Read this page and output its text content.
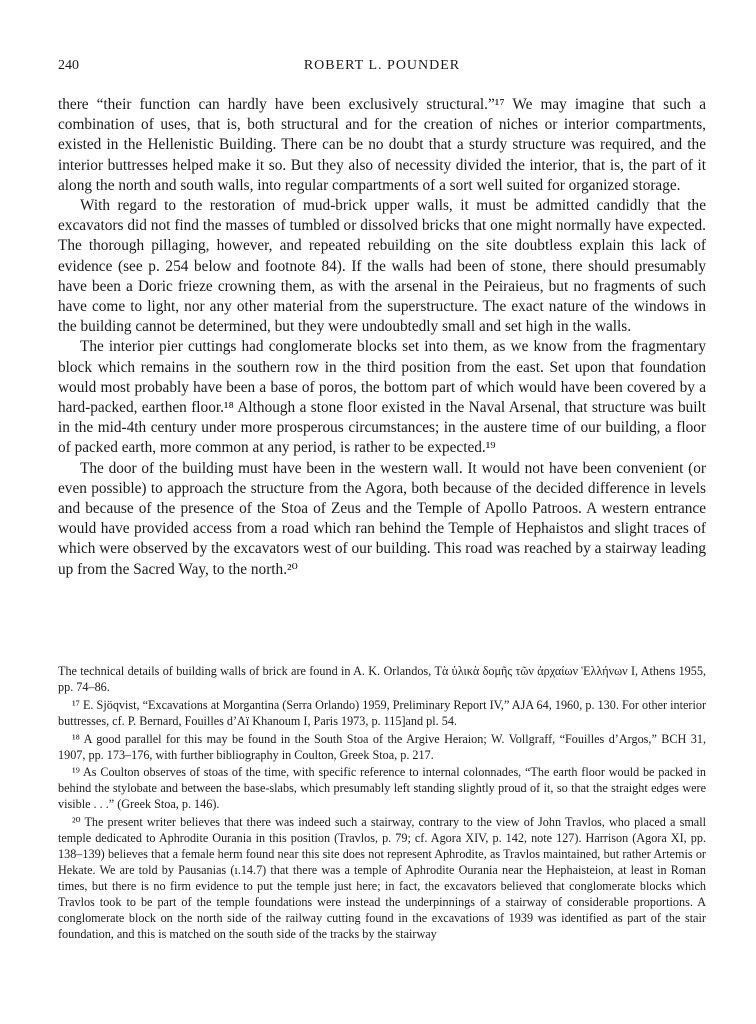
240	ROBERT L. POUNDER

there “their function can hardly have been exclusively structural.”¹⁷ We may imagine that such a combination of uses, that is, both structural and for the creation of niches or interior compartments, existed in the Hellenistic Building. There can be no doubt that a sturdy structure was required, and the interior buttresses helped make it so. But they also of necessity divided the interior, that is, the part of it along the north and south walls, into regular compartments of a sort well suited for organized storage.

With regard to the restoration of mud-brick upper walls, it must be admitted candidly that the excavators did not find the masses of tumbled or dissolved bricks that one might normally have expected. The thorough pillaging, however, and repeated rebuilding on the site doubtless explain this lack of evidence (see p. 254 below and footnote 84). If the walls had been of stone, there should presumably have been a Doric frieze crowning them, as with the arsenal in the Peiraieus, but no fragments of such have come to light, nor any other material from the superstructure. The exact nature of the windows in the building cannot be determined, but they were undoubtedly small and set high in the walls.

The interior pier cuttings had conglomerate blocks set into them, as we know from the fragmentary block which remains in the southern row in the third position from the east. Set upon that foundation would most probably have been a base of poros, the bottom part of which would have been covered by a hard-packed, earthen floor.¹⁸ Although a stone floor existed in the Naval Arsenal, that structure was built in the mid-4th century under more prosperous circumstances; in the austere time of our building, a floor of packed earth, more common at any period, is rather to be expected.¹⁹

The door of the building must have been in the western wall. It would not have been convenient (or even possible) to approach the structure from the Agora, both because of the decided difference in levels and because of the presence of the Stoa of Zeus and the Temple of Apollo Patroos. A western entrance would have provided access from a road which ran behind the Temple of Hephaistos and slight traces of which were observed by the excavators west of our building. This road was reached by a stairway leading up from the Sacred Way, to the north.²⁰

The technical details of building walls of brick are found in A. K. Orlandos, Τὰ ὑλικὰ δομῆς τῶν ἀρχαίων Ἑλλήνων I, Athens 1955, pp. 74–86.

¹⁷ E. Sjöqvist, “Excavations at Morgantina (Serra Orlando) 1959, Preliminary Report IV,” AJA 64, 1960, p. 130. For other interior buttresses, cf. P. Bernard, Fouilles d’Aï Khanoum I, Paris 1973, p. 115]and pl. 54.

¹⁸ A good parallel for this may be found in the South Stoa of the Argive Heraion; W. Vollgraff, “Fouilles d’Argos,” BCH 31, 1907, pp. 173–176, with further bibliography in Coulton, Greek Stoa, p. 217.

¹⁹ As Coulton observes of stoas of the time, with specific reference to internal colonnades, “The earth floor would be packed in behind the stylobate and between the base-slabs, which presumably left standing slightly proud of it, so that the straight edges were visible . . .” (Greek Stoa, p. 146).

²⁰ The present writer believes that there was indeed such a stairway, contrary to the view of John Travlos, who placed a small temple dedicated to Aphrodite Ourania in this position (Travlos, p. 79; cf. Agora XIV, p. 142, note 127). Harrison (Agora XI, pp. 138–139) believes that a female herm found near this site does not represent Aphrodite, as Travlos maintained, but rather Artemis or Hekate. We are told by Pausanias (ı.14.7) that there was a temple of Aphrodite Ourania near the Hephaisteion, at least in Roman times, but there is no firm evidence to put the temple just here; in fact, the excavators believed that conglomerate blocks which Travlos took to be part of the temple foundations were instead the underpinnings of a stairway of considerable proportions. A conglomerate block on the north side of the railway cutting found in the excavations of 1939 was identified as part of the stair foundation, and this is matched on the south side of the tracks by the stairway
